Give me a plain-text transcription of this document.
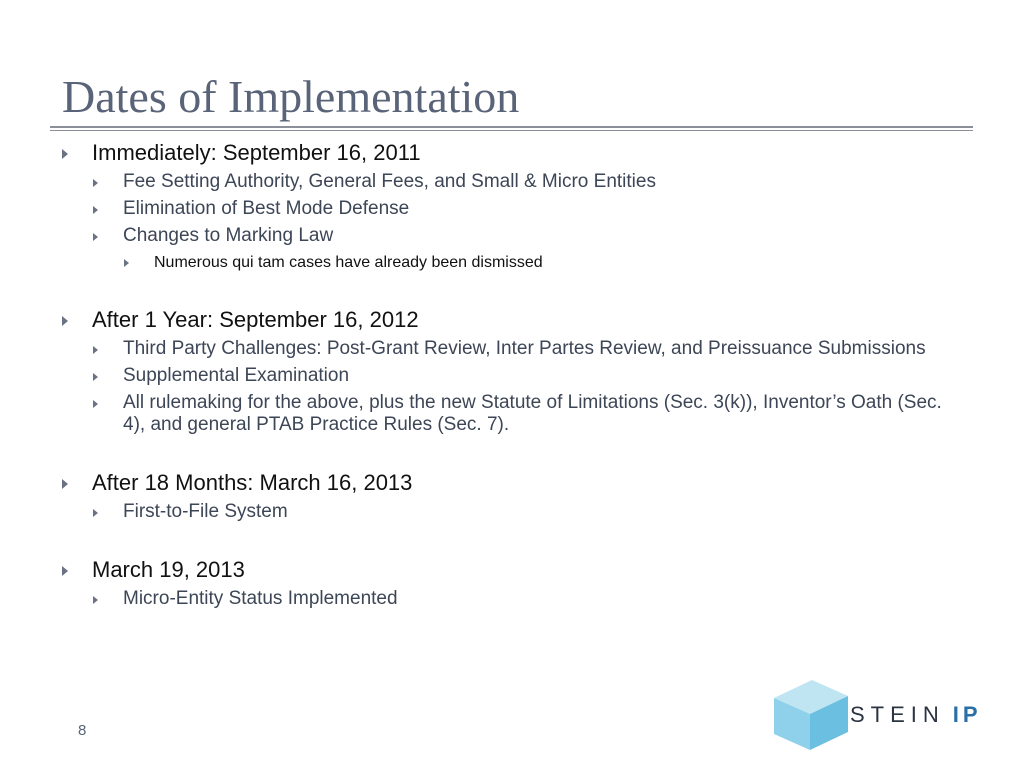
Dates of Implementation
Immediately: September 16, 2011
Fee Setting Authority, General Fees, and Small & Micro Entities
Elimination of Best Mode Defense
Changes to Marking Law
Numerous qui tam cases have already been dismissed
After 1 Year: September 16, 2012
Third Party Challenges: Post-Grant Review, Inter Partes Review, and Preissuance Submissions
Supplemental Examination
All rulemaking for the above, plus the new Statute of Limitations (Sec. 3(k)), Inventor’s Oath (Sec. 4), and general PTAB Practice Rules (Sec. 7).
After 18 Months: March 16, 2013
First-to-File System
March 19, 2013
Micro-Entity Status Implemented
8
STEIN IP
